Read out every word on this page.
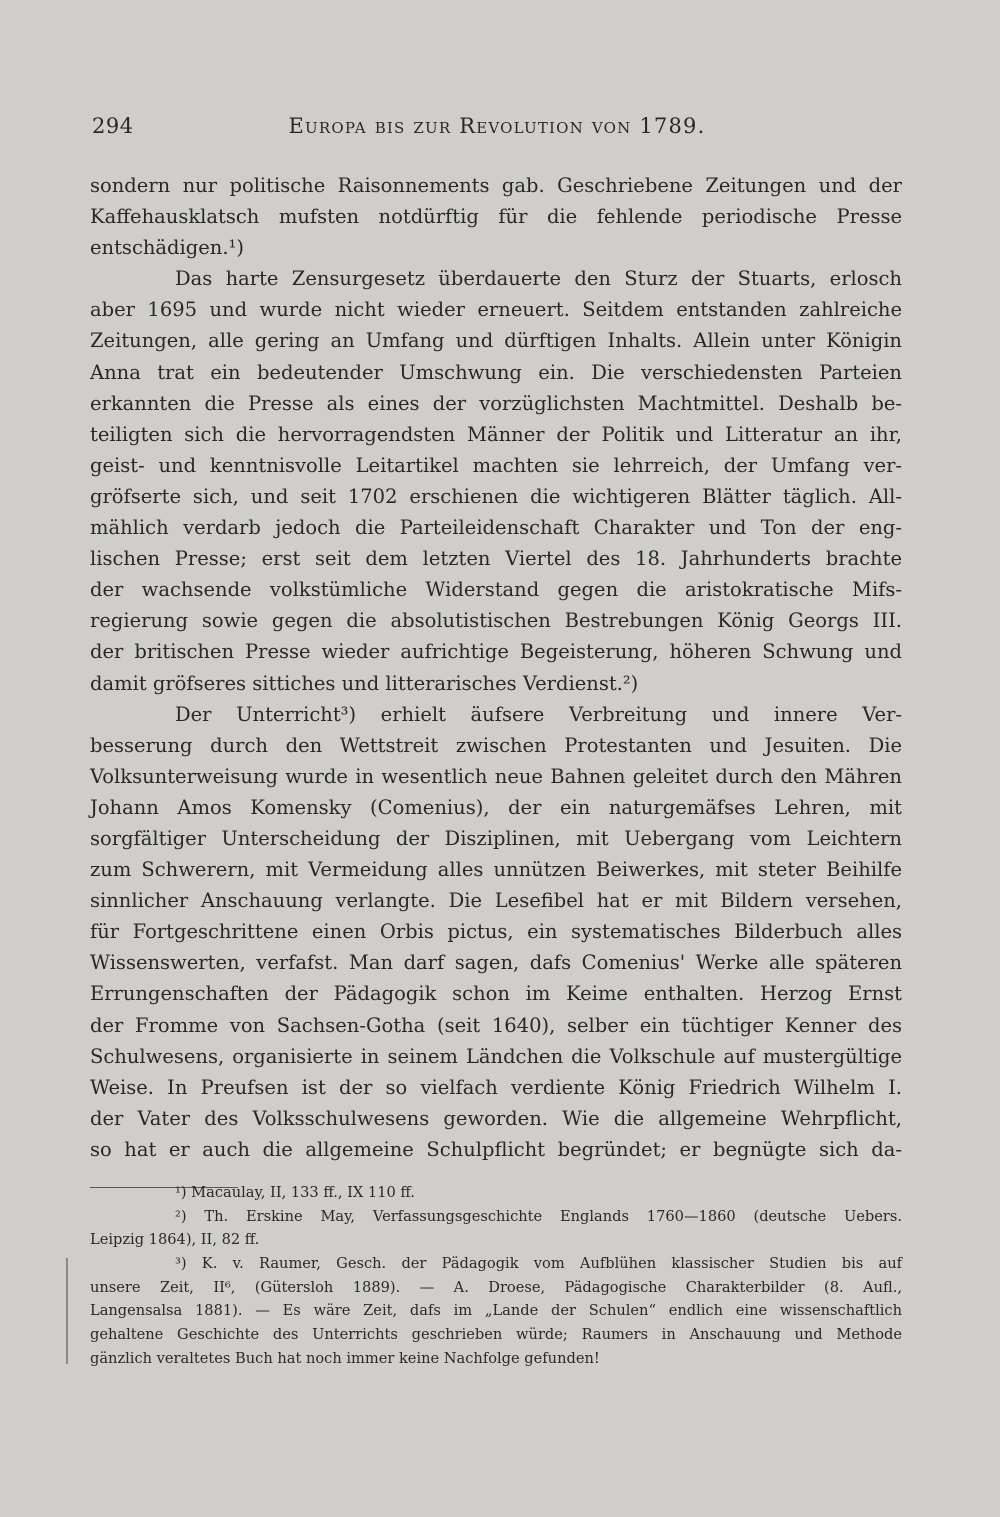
294	Europa bis zur Revolution von 1789.
sondern nur politische Raisonnements gab. Geschriebene Zeitungen und der
Kaffehausklatsch mufsten notdürftig für die fehlende periodische Presse
entschädigen.¹)
Das harte Zensurgesetz überdauerte den Sturz der Stuarts, erlosch
aber 1695 und wurde nicht wieder erneuert. Seitdem entstanden zahlreiche
Zeitungen, alle gering an Umfang und dürftigen Inhalts. Allein unter Königin
Anna trat ein bedeutender Umschwung ein. Die verschiedensten Parteien
erkannten die Presse als eines der vorzüglichsten Machtmittel. Deshalb be-
teiligten sich die hervorragendsten Männer der Politik und Litteratur an ihr,
geist- und kenntnisvolle Leitartikel machten sie lehrreich, der Umfang ver-
gröfserte sich, und seit 1702 erschienen die wichtigeren Blätter täglich. All-
mählich verdarb jedoch die Parteileidenschaft Charakter und Ton der eng-
lischen Presse; erst seit dem letzten Viertel des 18. Jahrhunderts brachte
der wachsende volkstümliche Widerstand gegen die aristokratische Mifs-
regierung sowie gegen die absolutistischen Bestrebungen König Georgs III.
der britischen Presse wieder aufrichtige Begeisterung, höheren Schwung und
damit gröfseres sittiches und litterarisches Verdienst.²)
Der Unterricht³) erhielt äufsere Verbreitung und innere Ver-
besserung durch den Wettstreit zwischen Protestanten und Jesuiten. Die
Volksunterweisung wurde in wesentlich neue Bahnen geleitet durch den Mähren
Johann Amos Komensky (Comenius), der ein naturgemäfses Lehren, mit
sorgfältiger Unterscheidung der Disziplinen, mit Uebergang vom Leichtern
zum Schwerern, mit Vermeidung alles unnützen Beiwerkes, mit steter Beihilfe
sinnlicher Anschauung verlangte. Die Lesefibel hat er mit Bildern versehen,
für Fortgeschrittene einen Orbis pictus, ein systematisches Bilderbuch alles
Wissenswerten, verfafst. Man darf sagen, dafs Comenius' Werke alle späteren
Errungenschaften der Pädagogik schon im Keime enthalten. Herzog Ernst
der Fromme von Sachsen-Gotha (seit 1640), selber ein tüchtiger Kenner des
Schulwesens, organisierte in seinem Ländchen die Volkschule auf mustergültige
Weise. In Preufsen ist der so vielfach verdiente König Friedrich Wilhelm I.
der Vater des Volksschulwesens geworden. Wie die allgemeine Wehrpflicht,
so hat er auch die allgemeine Schulpflicht begründet; er begnügte sich da-
¹) Macaulay, II, 133 ff., IX 110 ff.
²) Th. Erskine May, Verfassungsgeschichte Englands 1760—1860 (deutsche Uebers.
Leipzig 1864), II, 82 ff.
³) K. v. Raumer, Gesch. der Pädagogik vom Aufblühen klassischer Studien bis auf
unsere Zeit, II⁶, (Gütersloh 1889). — A. Droese, Pädagogische Charakterbilder (8. Aufl.,
Langensalsa 1881). — Es wäre Zeit, dafs im „Lande der Schulen“ endlich eine wissenschaftlich
gehaltene Geschichte des Unterrichts geschrieben würde; Raumers in Anschauung und Methode
gänzlich veraltetes Buch hat noch immer keine Nachfolge gefunden!
